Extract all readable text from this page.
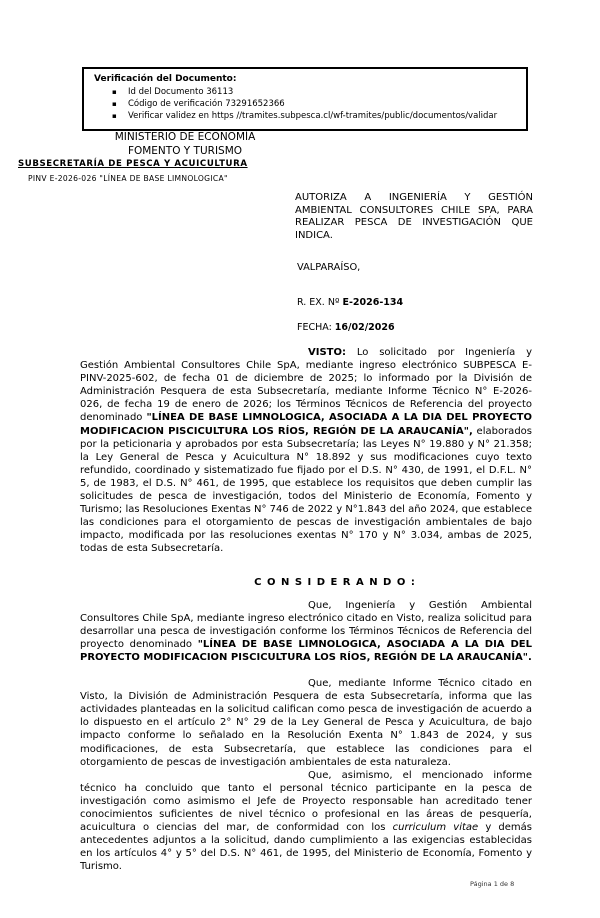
Verificación del Documento:
▪	Id del Documento 36113
▪	Código de verificación 73291652366
▪	Verificar validez en https //tramites.subpesca.cl/wf-tramites/public/documentos/validar
MINISTERIO DE ECONOMÍA
FOMENTO Y TURISMO
SUBSECRETARÍA DE PESCA Y ACUICULTURA
PINV E-2026-026 "LÍNEA DE BASE LIMNOLOGICA"
AUTORIZA A INGENIERÍA Y GESTIÓN AMBIENTAL CONSULTORES CHILE SPA, PARA REALIZAR PESCA DE INVESTIGACIÓN QUE INDICA.
VALPARAÍSO,
R. EX. Nº E-2026-134
FECHA: 16/02/2026

VISTO: Lo solicitado por Ingeniería y Gestión Ambiental Consultores Chile SpA, mediante ingreso electrónico SUBPESCA E-PINV-2025-602, de fecha 01 de diciembre de 2025; lo informado por la División de Administración Pesquera de esta Subsecretaría, mediante Informe Técnico N° E-2026-026, de fecha 19 de enero de 2026; los Términos Técnicos de Referencia del proyecto denominado "LÍNEA DE BASE LIMNOLOGICA, ASOCIADA A LA DIA DEL PROYECTO MODIFICACION PISCICULTURA LOS RÍOS, REGIÓN DE LA ARAUCANÍA", elaborados por la peticionaria y aprobados por esta Subsecretaría; las Leyes N° 19.880 y N° 21.358; la Ley General de Pesca y Acuicultura N° 18.892 y sus modificaciones cuyo texto refundido, coordinado y sistematizado fue fijado por el D.S. N° 430, de 1991, el D.F.L. N° 5, de 1983, el D.S. N° 461, de 1995, que establece los requisitos que deben cumplir las solicitudes de pesca de investigación, todos del Ministerio de Economía, Fomento y Turismo; las Resoluciones Exentas N° 746 de 2022 y N°1.843 del año 2024, que establece las condiciones para el otorgamiento de pescas de investigación ambientales de bajo impacto, modificada por las resoluciones exentas N° 170 y N° 3.034, ambas de 2025, todas de esta Subsecretaría.

C O N S I D E R A N D O :

Que, Ingeniería y Gestión Ambiental Consultores Chile SpA, mediante ingreso electrónico citado en Visto, realiza solicitud para desarrollar una pesca de investigación conforme los Términos Técnicos de Referencia del proyecto denominado "LÍNEA DE BASE LIMNOLOGICA, ASOCIADA A LA DIA DEL PROYECTO MODIFICACION PISCICULTURA LOS RÍOS, REGIÓN DE LA ARAUCANÍA".

Que, mediante Informe Técnico citado en Visto, la División de Administración Pesquera de esta Subsecretaría, informa que las actividades planteadas en la solicitud califican como pesca de investigación de acuerdo a lo dispuesto en el artículo 2° N° 29 de la Ley General de Pesca y Acuicultura, de bajo impacto conforme lo señalado en la Resolución Exenta N° 1.843 de 2024, y sus modificaciones, de esta Subsecretaría, que establece las condiciones para el otorgamiento de pescas de investigación ambientales de esta naturaleza.

Que, asimismo, el mencionado informe técnico ha concluido que tanto el personal técnico participante en la pesca de investigación como asimismo el Jefe de Proyecto responsable han acreditado tener conocimientos suficientes de nivel técnico o profesional en las áreas de pesquería, acuicultura o ciencias del mar, de conformidad con los curriculum vitae y demás antecedentes adjuntos a la solicitud, dando cumplimiento a las exigencias establecidas en los artículos 4° y 5° del D.S. N° 461, de 1995, del Ministerio de Economía, Fomento y Turismo.

Página 1 de 8
